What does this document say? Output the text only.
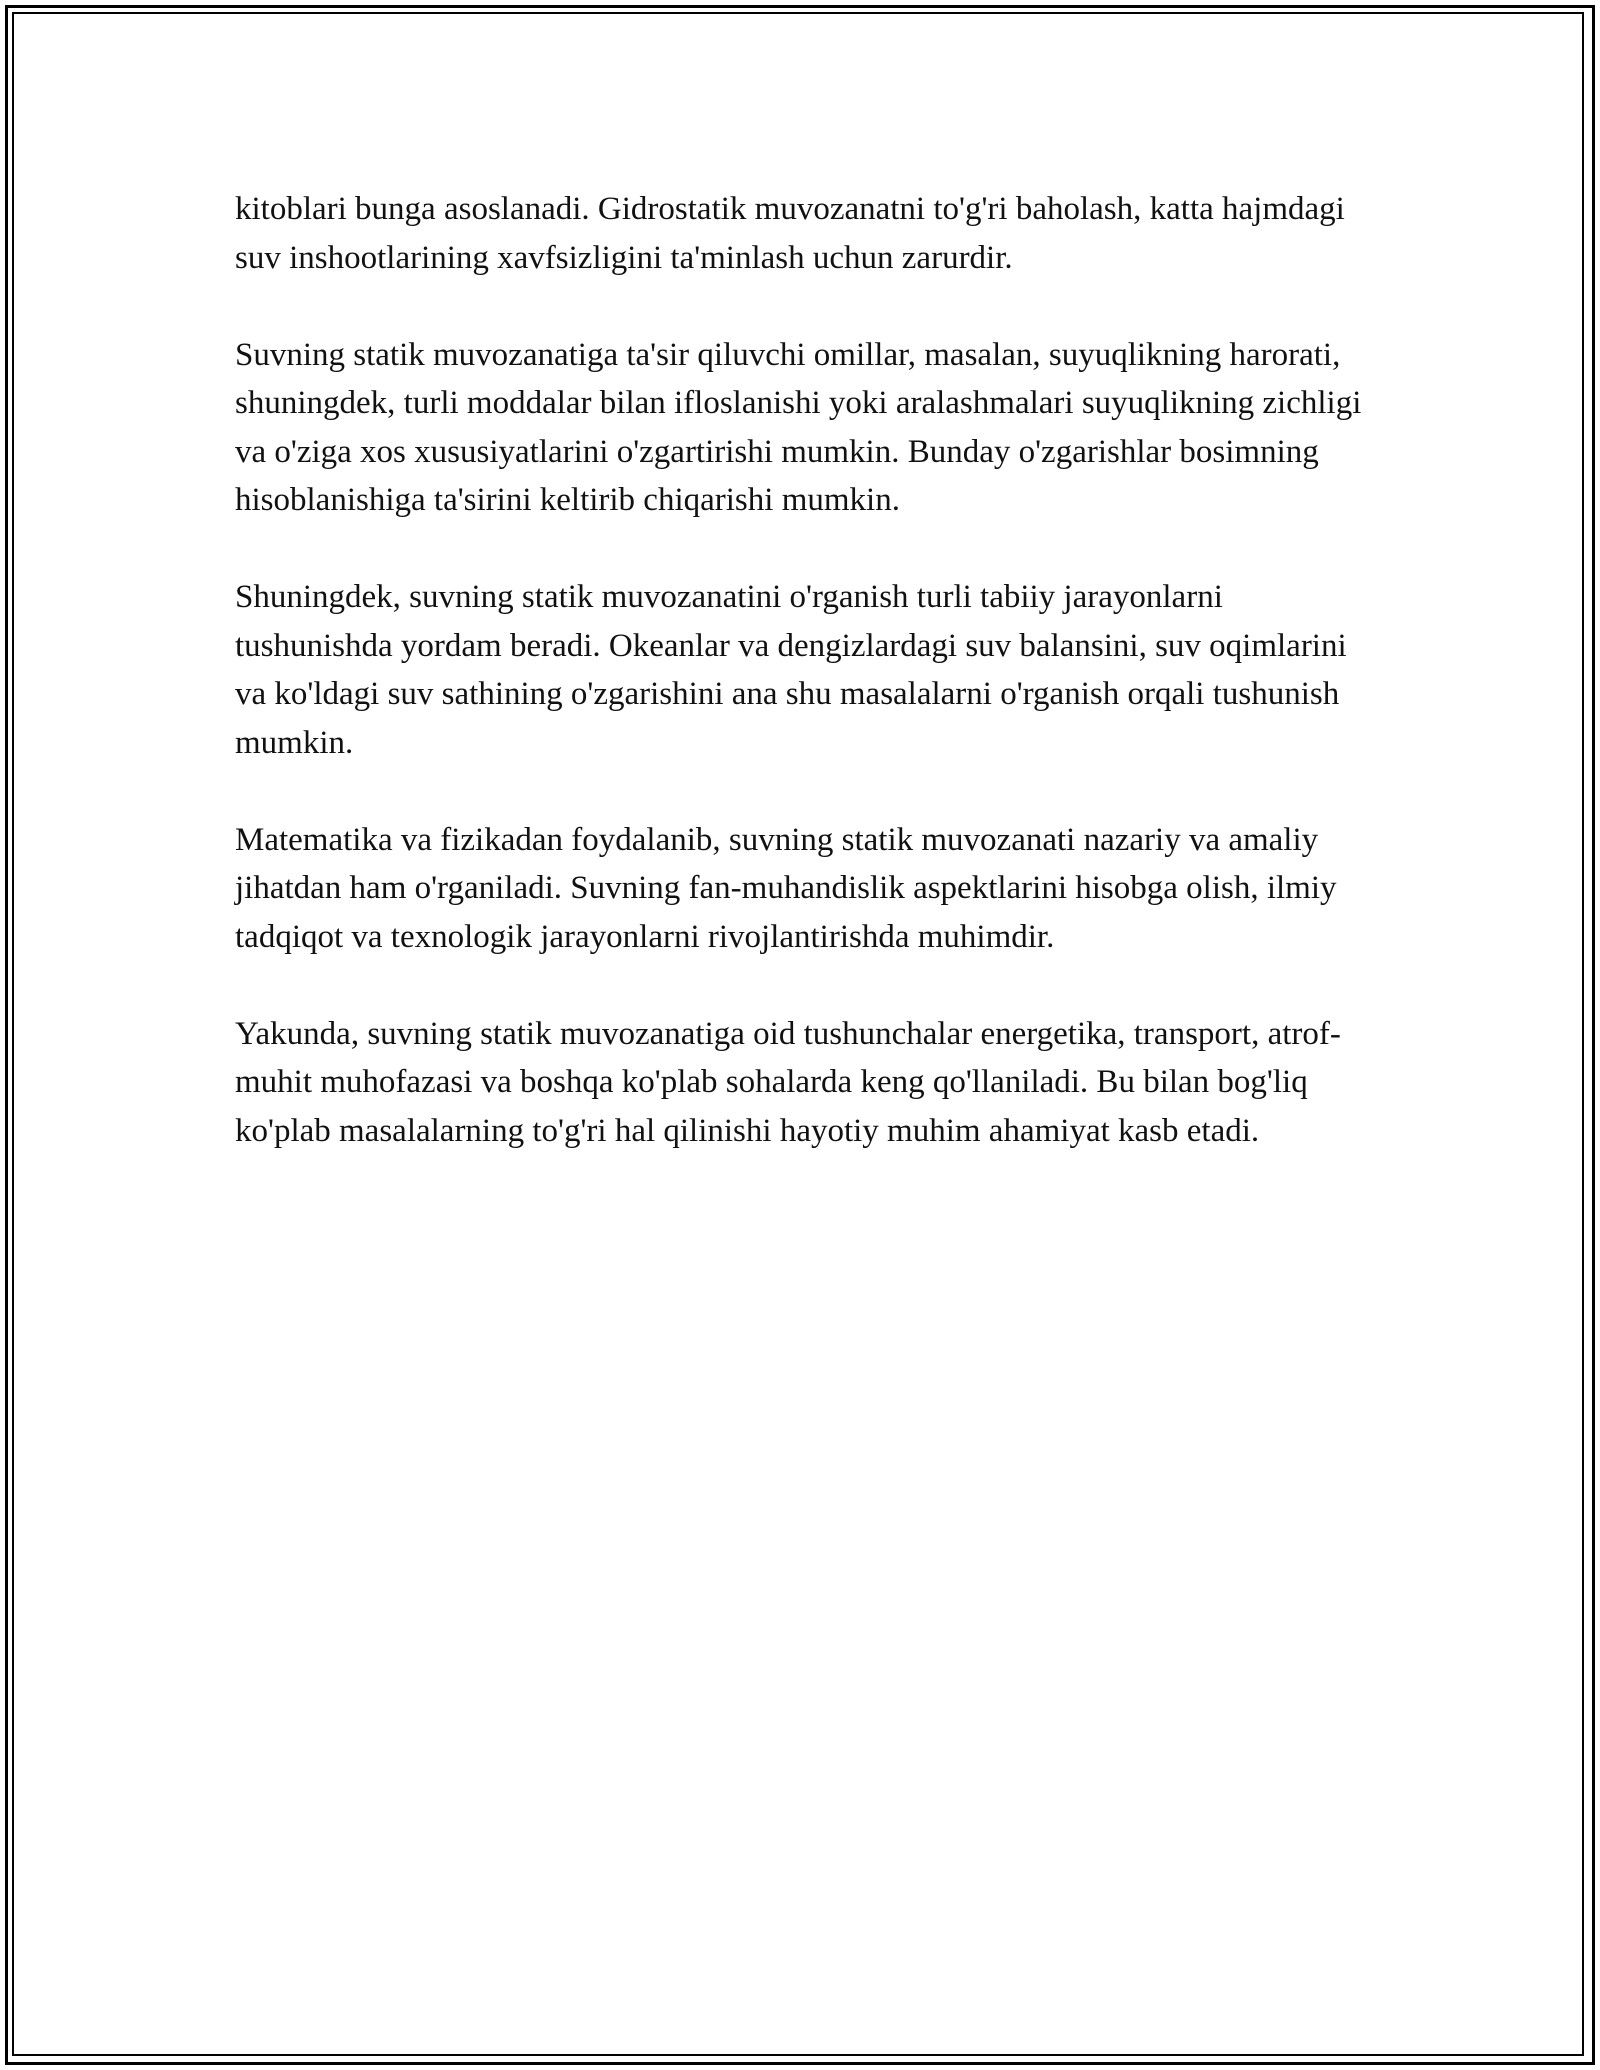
kitoblari bunga asoslanadi. Gidrostatik muvozanatni to'g'ri baholash, katta hajmdagi suv inshootlarining xavfsizligini ta'minlash uchun zarurdir.

Suvning statik muvozanatiga ta'sir qiluvchi omillar, masalan, suyuqlikning harorati, shuningdek, turli moddalar bilan ifloslanishi yoki aralashmalari suyuqlikning zichligi va o'ziga xos xususiyatlarini o'zgartirishi mumkin. Bunday o'zgarishlar bosimning hisoblanishiga ta'sirini keltirib chiqarishi mumkin.

Shuningdek, suvning statik muvozanatini o'rganish turli tabiiy jarayonlarni tushunishda yordam beradi. Okeanlar va dengizlardagi suv balansini, suv oqimlarini va ko'ldagi suv sathining o'zgarishini ana shu masalalarni o'rganish orqali tushunish mumkin.

Matematika va fizikadan foydalanib, suvning statik muvozanati nazariy va amaliy jihatdan ham o'rganiladi. Suvning fan-muhandislik aspektlarini hisobga olish, ilmiy tadqiqot va texnologik jarayonlarni rivojlantirishda muhimdir.

Yakunda, suvning statik muvozanatiga oid tushunchalar energetika, transport, atrof-muhit muhofazasi va boshqa ko'plab sohalarda keng qo'llaniladi. Bu bilan bog'liq ko'plab masalalarning to'g'ri hal qilinishi hayotiy muhim ahamiyat kasb etadi.
